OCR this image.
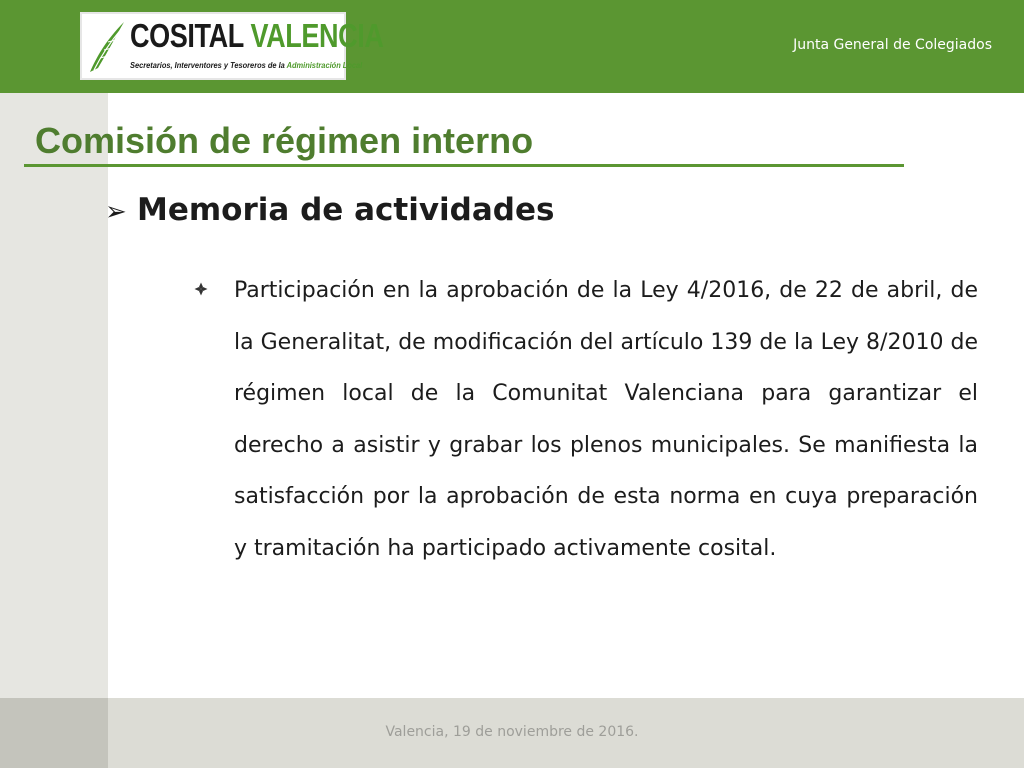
COSITAL VALENCIA
Secretarios, Interventores y Tesoreros de la Administración Local
Junta General de Colegiados
Valencia, 19 de noviembre de 2016.
Comisión de régimen interno
➢ Memoria de actividades
Participación en la aprobación de la Ley 4/2016, de 22 de abril, de la Generalitat, de modificación del artículo 139 de la Ley 8/2010 de régimen local de la Comunitat Valenciana para garantizar el derecho a asistir y grabar los plenos municipales. Se manifiesta la satisfacción por la aprobación de esta norma en cuya preparación y tramitación ha participado activamente cosital.
